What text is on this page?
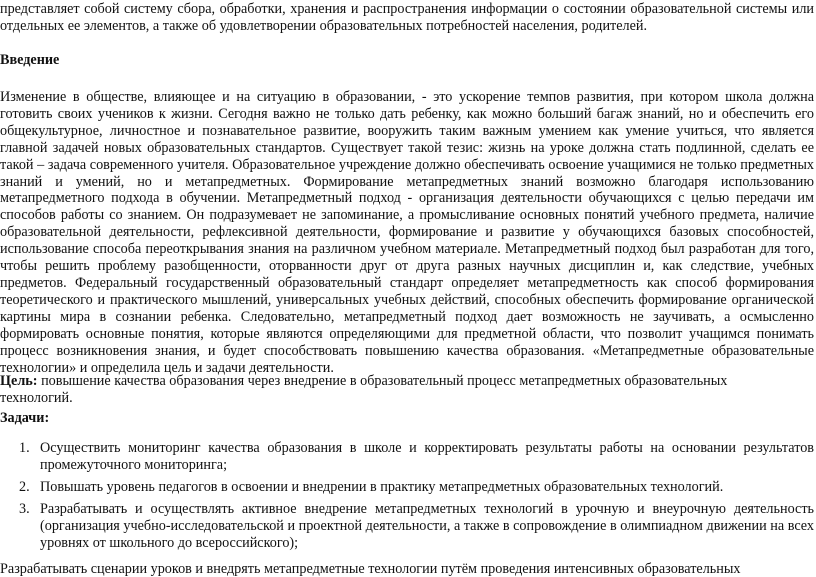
представляет собой систему сбора, обработки, хранения и распространения информации о состоянии образовательной системы или отдельных ее элементов, а также об удовлетворении образовательных потребностей населения, родителей.
Введение
Изменение в обществе, влияющее и на ситуацию в образовании, - это ускорение темпов развития, при котором школа должна готовить своих учеников к жизни. Сегодня важно не только дать ребенку, как можно больший багаж знаний, но и обеспечить его общекультурное, личностное и познавательное развитие, вооружить таким важным умением как умение учиться, что является главной задачей новых образовательных стандартов. Существует такой тезис: жизнь на уроке должна стать подлинной, сделать ее такой – задача современного учителя. Образовательное учреждение должно обеспечивать освоение учащимися не только предметных знаний и умений, но и метапредметных. Формирование метапредметных знаний возможно благодаря использованию метапредметного подхода в обучении. Метапредметный подход - организация деятельности обучающихся с целью передачи им способов работы со знанием. Он подразумевает не запоминание, а промысливание основных понятий учебного предмета, наличие образовательной деятельности, рефлексивной деятельности, формирование и развитие у обучающихся базовых способностей, использование способа переоткрывания знания на различном учебном материале. Метапредметный подход был разработан для того, чтобы решить проблему разобщенности, оторванности друг от друга разных научных дисциплин и, как следствие, учебных предметов. Федеральный государственный образовательный стандарт определяет метапредметность как способ формирования теоретического и практического мышлений, универсальных учебных действий, способных обеспечить формирование органической картины мира в сознании ребенка. Следовательно, метапредметный подход дает возможность не заучивать, а осмысленно формировать основные понятия, которые являются определяющими для предметной области, что позволит учащимся понимать процесс возникновения знания, и будет способствовать повышению качества образования. «Метапредметные образовательные технологии» и определила цель и задачи деятельности.
Цель: повышение качества образования через внедрение в образовательный процесс метапредметных образовательных технологий.
Задачи:
1. Осуществить мониторинг качества образования в школе и корректировать результаты работы на основании результатов промежуточного мониторинга;
2. Повышать уровень педагогов в освоении и внедрении в практику метапредметных образовательных технологий.
3. Разрабатывать и осуществлять активное внедрение метапредметных технологий в урочную и внеурочную деятельность (организация учебно-исследовательской и проектной деятельности, а также в сопровождение в олимпиадном движении на всех уровнях от школьного до всероссийского);
Разрабатывать сценарии уроков и внедрять метапредметные технологии путём проведения интенсивных образовательных
